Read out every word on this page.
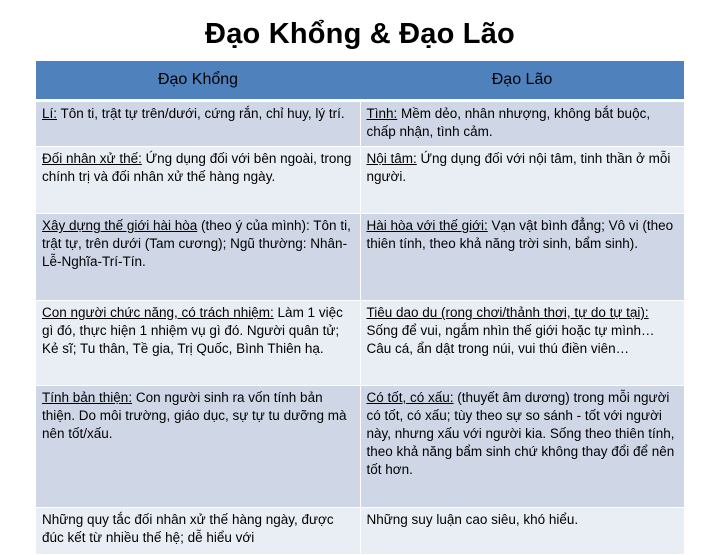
Đạo Khổng & Đạo Lão
Đạo Khổng	Đạo Lão
Lí: Tôn ti, trật tự trên/dưới, cứng rắn, chỉ huy, lý trí.	Tình: Mềm dẻo, nhân nhượng, không bắt buộc, chấp nhận, tình cảm.
Đối nhân xử thế: Ứng dụng đối với bên ngoài, trong chính trị và đối nhân xử thế hàng ngày.	Nội tâm: Ứng dụng đối với nội tâm, tinh thần ở mỗi người.
Xây dựng thế giới hài hòa (theo ý của mình): Tôn ti, trật tự, trên dưới (Tam cương); Ngũ thường: Nhân-Lễ-Nghĩa-Trí-Tín.	Hài hòa với thế giới: Vạn vật bình đẳng; Vô vi (theo thiên tính, theo khả năng trời sinh, bẩm sinh).
Con người chức năng, có trách nhiệm: Làm 1 việc gì đó, thực hiện 1 nhiệm vụ gì đó. Người quân tử; Kẻ sĩ; Tu thân, Tề gia, Trị Quốc, Bình Thiên hạ.	Tiêu dao du (rong chơi/thảnh thơi, tự do tự tại): Sống để vui, ngắm nhìn thế giới hoặc tự mình… Câu cá, ẩn dật trong núi, vui thú điền viên…
Tính bản thiện: Con người sinh ra vốn tính bản thiện. Do môi trường, giáo dục, sự tự tu dưỡng mà nên tốt/xấu.	Có tốt, có xấu: (thuyết âm dương) trong mỗi người có tốt, có xấu; tùy theo sự so sánh - tốt với người này, nhưng xấu với người kia. Sống theo thiên tính, theo khả năng bẩm sinh chứ không thay đổi để nên tốt hơn.
Những quy tắc đối nhân xử thế hàng ngày, được đúc kết từ nhiều thế hệ; dễ hiểu với	Những suy luận cao siêu, khó hiểu.
